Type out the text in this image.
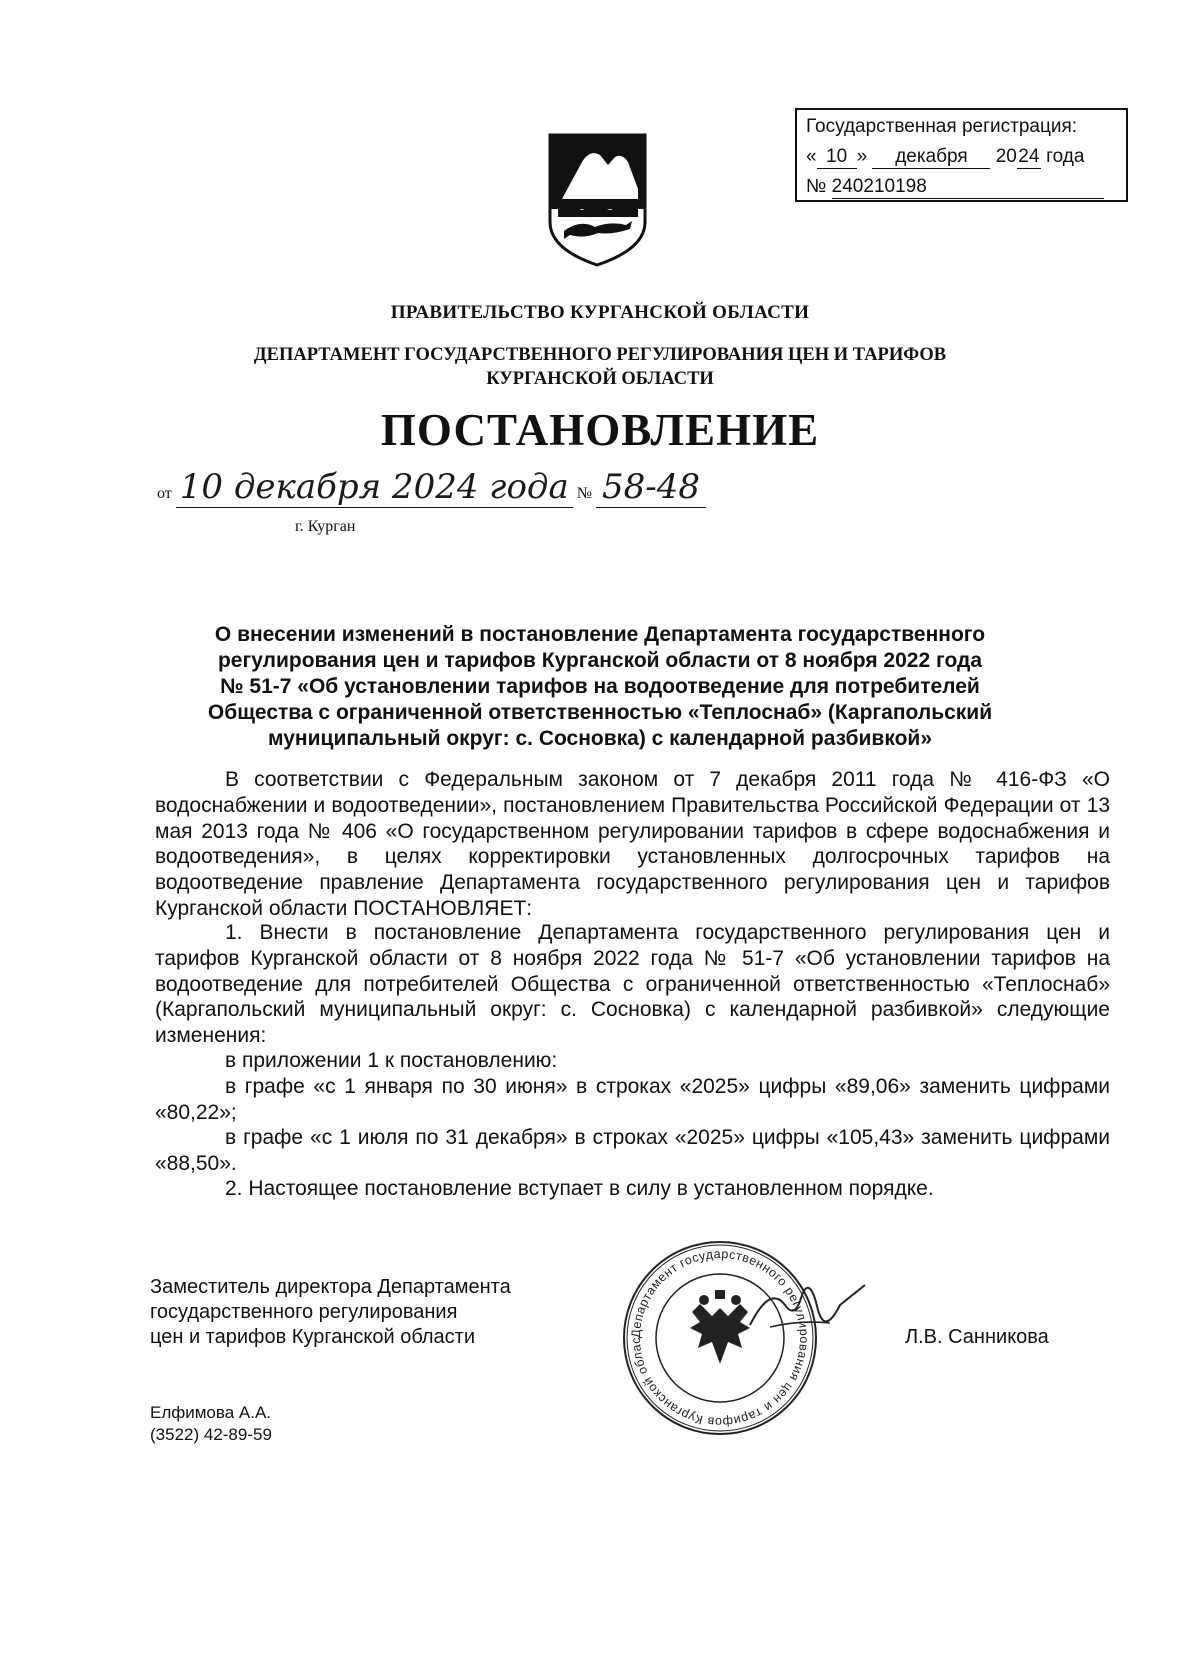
Государственная регистрация:
« 10 » декабря 2024 года
№ 240210198
ПРАВИТЕЛЬСТВО КУРГАНСКОЙ ОБЛАСТИ
ДЕПАРТАМЕНТ ГОСУДАРСТВЕННОГО РЕГУЛИРОВАНИЯ ЦЕН И ТАРИФОВ
КУРГАНСКОЙ ОБЛАСТИ
ПОСТАНОВЛЕНИЕ
от 10 декабря 2024 года № 58-48
г. Курган
О внесении изменений в постановление Департамента государственного
регулирования цен и тарифов Курганской области от 8 ноября 2022 года
№ 51-7 «Об установлении тарифов на водоотведение для потребителей
Общества с ограниченной ответственностью «Теплоснаб» (Каргапольский
муниципальный округ: с. Сосновка) с календарной разбивкой»
В соответствии с Федеральным законом от 7 декабря 2011 года № 416-ФЗ «О водоснабжении и водоотведении», постановлением Правительства Российской Федерации от 13 мая 2013 года № 406 «О государственном регулировании тарифов в сфере водоснабжения и водоотведения», в целях корректировки установленных долгосрочных тарифов на водоотведение правление Департамента государственного регулирования цен и тарифов Курганской области ПОСТАНОВЛЯЕТ:
1. Внести в постановление Департамента государственного регулирования цен и тарифов Курганской области от 8 ноября 2022 года № 51-7 «Об установлении тарифов на водоотведение для потребителей Общества с ограниченной ответственностью «Теплоснаб» (Каргапольский муниципальный округ: с. Сосновка) с календарной разбивкой» следующие изменения:
в приложении 1 к постановлению:
в графе «с 1 января по 30 июня» в строках «2025» цифры «89,06» заменить цифрами «80,22»;
в графе «с 1 июля по 31 декабря» в строках «2025» цифры «105,43» заменить цифрами «88,50».
2. Настоящее постановление вступает в силу в установленном порядке.
Заместитель директора Департамента
государственного регулирования
цен и тарифов Курганской области	Департамент государственного регулирования цен и тарифов Курганской облас	Л.В. Санникова
Елфимова А.А.
(3522) 42-89-59
